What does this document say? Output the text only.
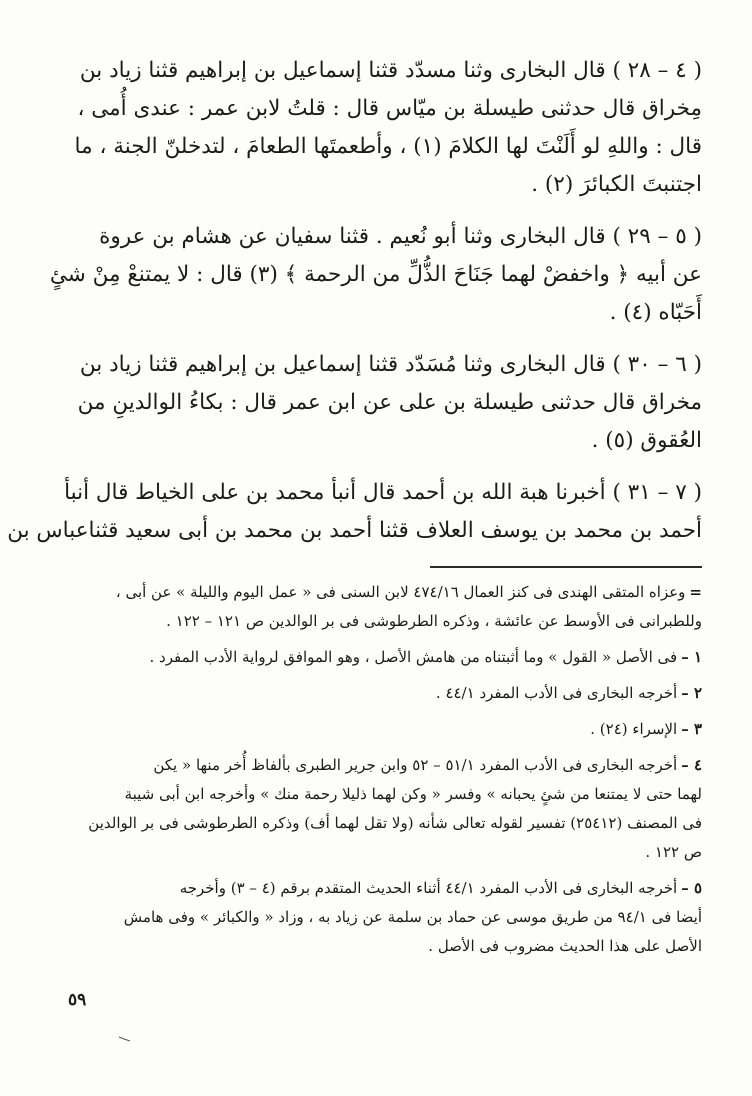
( ٤ – ٢٨ ) قال البخارى وثنا مسدّد قثنا إسماعيل بن إبراهيم قثنا زياد بن
مِخراق قال حدثنى طيسلة بن ميّاس قال : قلتُ لابن عمر : عندى أُمى ،
قال : واللهِ لو أَلَنْتَ لها الكلامَ (١) ، وأطعمتَها الطعامَ ، لتدخلنّ الجنة ، ما
اجتنبتَ الكبائرَ (٢) .
( ٥ – ٢٩ ) قال البخارى وثنا أبو نُعيم . قثنا سفيان عن هشام بن عروة
عن أبيه ﴿ واخفضْ لهما جَنَاحَ الذُّلِّ من الرحمة ﴾ (٣) قال : لا يمتنعْ مِنْ شئٍ
أَحَبّاه (٤) .
( ٦ – ٣٠ ) قال البخارى وثنا مُسَدّد قثنا إسماعيل بن إبراهيم قثنا زياد بن
مخراق قال حدثنى طيسلة بن على عن ابن عمر قال : بكاءُ الوالدينِ من
العُقوق (٥) .
( ٧ – ٣١ ) أخبرنا هبة الله بن أحمد قال أنبأ محمد بن على الخياط قال أنبأ
أحمد بن محمد بن يوسف العلاف قثنا أحمد بن محمد بن أبى سعيد قثناعباس بن
=وعزاه المتقى الهندى فى كنز العمال ٤٧٤/١٦ لابن السنى فى « عمل اليوم والليلة » عن أبى ،
وللطبرانى فى الأوسط عن عائشة ، وذكره الطرطوشى فى بر الوالدين ص ١٢١ – ١٢٢ .
١ –فى الأصل « القول » وما أثبتناه من هامش الأصل ، وهو الموافق لرواية الأدب المفرد .
٢ –أخرجه البخارى فى الأدب المفرد ٤٤/١ .
٣ –الإسراء (٢٤) .
٤ –أخرجه البخارى فى الأدب المفرد ٥١/١ – ٥٢ وابن جرير الطبرى بألفاظ أُخر منها « يكن
لهما حتى لا يمتنعا من شئٍ يحبانه » وفسر « وكن لهما ذليلا رحمة منك » وأخرجه ابن أبى شيبة
فى المصنف (٢٥٤١٢) تفسير لقوله تعالى شأنه (ولا تقل لهما أف) وذكره الطرطوشى فى بر الوالدين
ص ١٢٢ .
٥ –أخرجه البخارى فى الأدب المفرد ٤٤/١ أثناء الحديث المتقدم برقم (٤ – ٣) وأخرجه
أيضا فى ٩٤/١ من طريق موسى عن حماد بن سلمة عن زياد به ، وزاد « والكبائر » وفى هامش
الأصل على هذا الحديث مضروب فى الأصل .
٥٩
